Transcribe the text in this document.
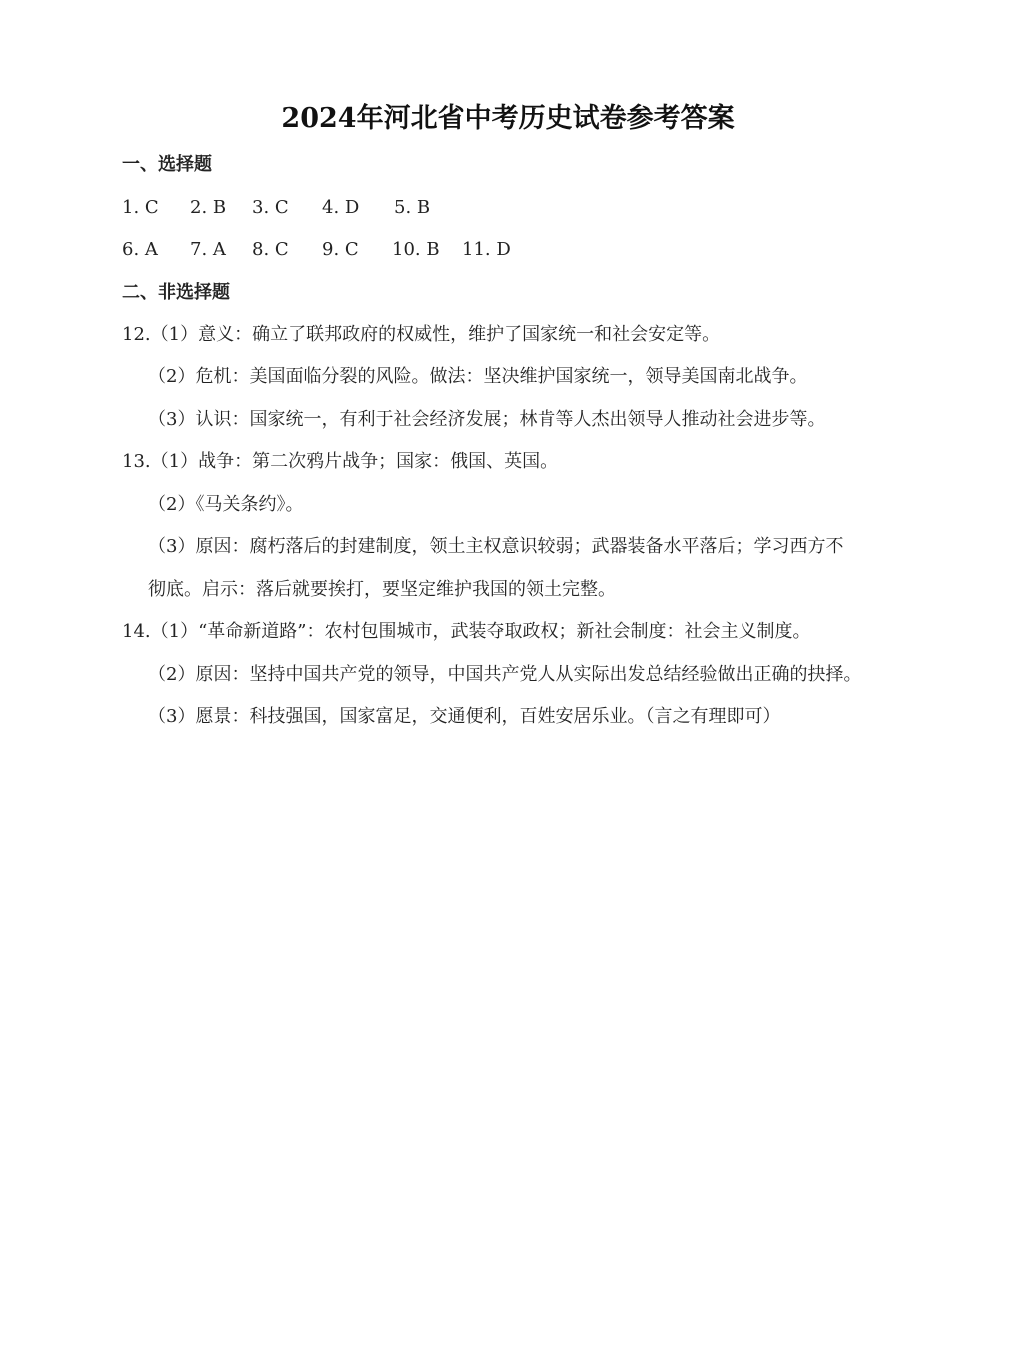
2024年河北省中考历史试卷参考答案
一、选择题
1. C 2. B 3. C 4. D 5. B
6. A 7. A 8. C 9. C 10. B 11. D
二、非选择题
12.（1）意义：确立了联邦政府的权威性，维护了国家统一和社会安定等。
（2）危机：美国面临分裂的风险。做法：坚决维护国家统一，领导美国南北战争。
（3）认识：国家统一，有利于社会经济发展；林肯等人杰出领导人推动社会进步等。
13.（1）战争：第二次鸦片战争；国家：俄国、英国。
（2）《马关条约》。
（3）原因：腐朽落后的封建制度，领土主权意识较弱；武器装备水平落后；学习西方不
彻底。启示：落后就要挨打，要坚定维护我国的领土完整。
14.（1）“革命新道路”：农村包围城市，武装夺取政权；新社会制度：社会主义制度。
（2）原因：坚持中国共产党的领导，中国共产党人从实际出发总结经验做出正确的抉择。
（3）愿景：科技强国，国家富足，交通便利，百姓安居乐业。（言之有理即可）
